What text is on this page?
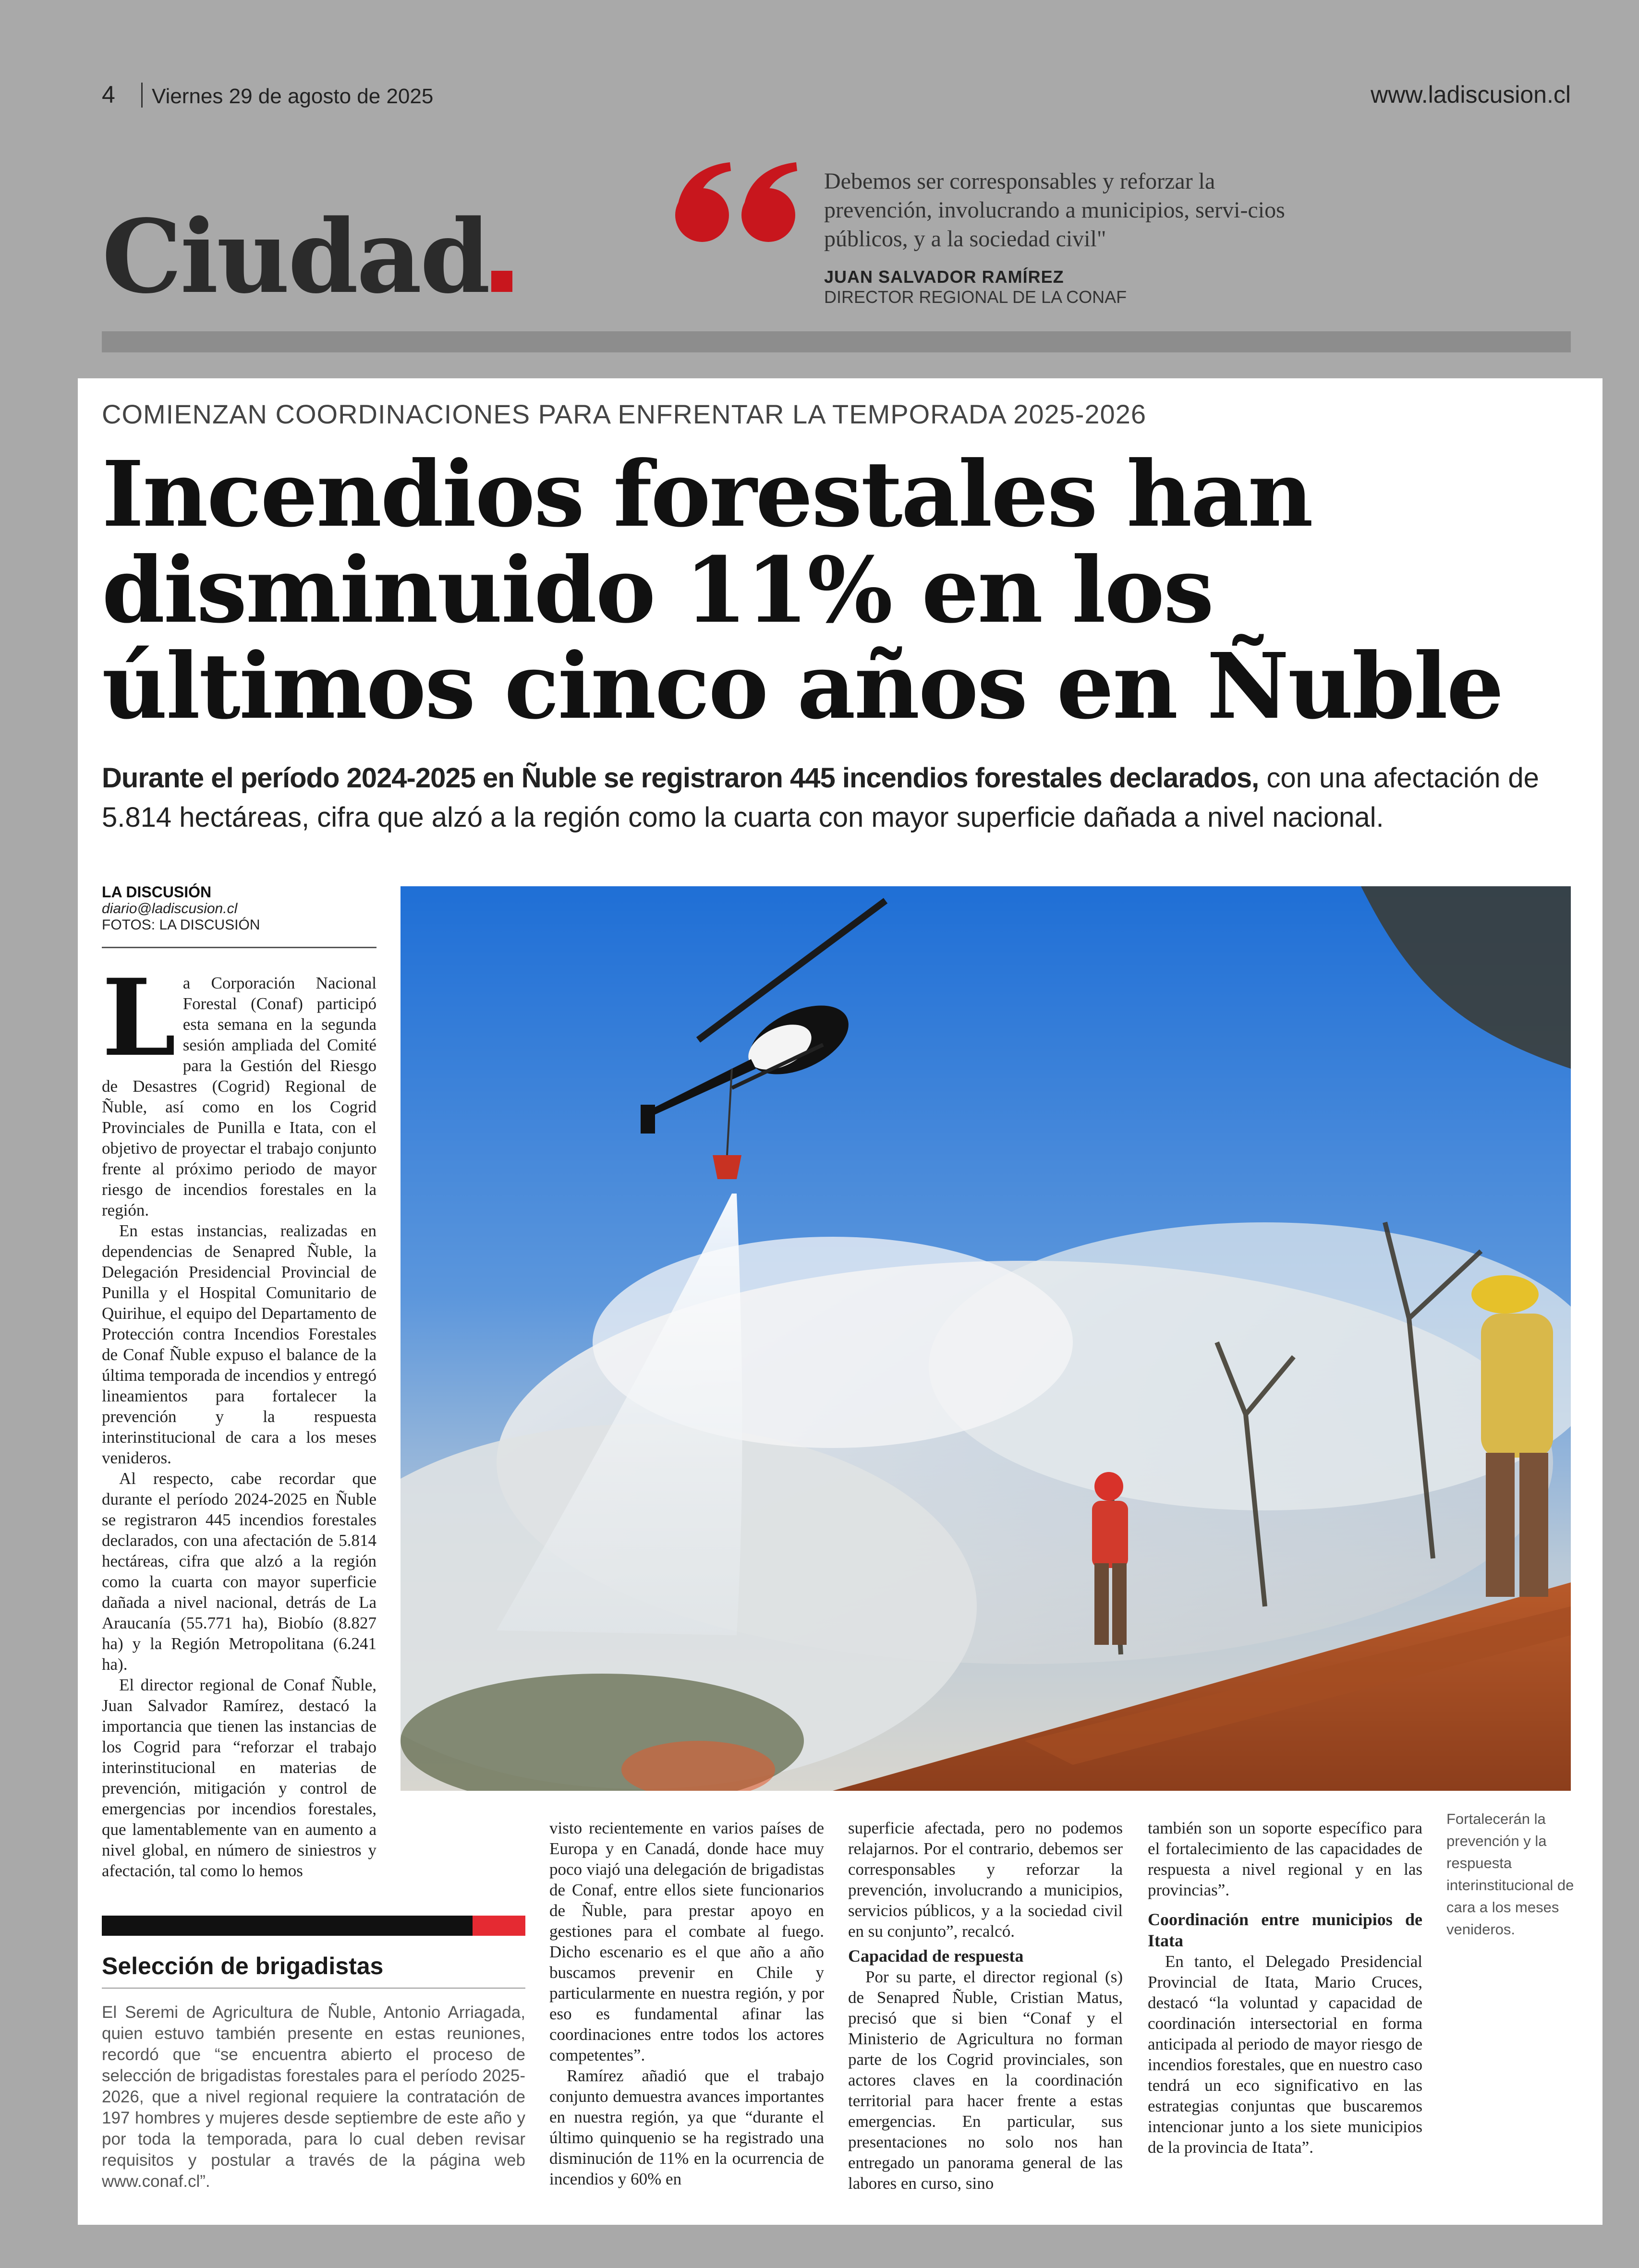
4 Viernes 29 de agosto de 2025	www.ladiscusion.cl
Ciudad
Debemos ser corresponsables y reforzar la prevención, involucrando a municipios, servi-cios públicos, y a la sociedad civil"
JUAN SALVADOR RAMÍREZ
DIRECTOR REGIONAL DE LA CONAF
COMIENZAN COORDINACIONES PARA ENFRENTAR LA TEMPORADA 2025-2026
Incendios forestales han
disminuido 11% en los
últimos cinco años en Ñuble
Durante el período 2024-2025 en Ñuble se registraron 445 incendios forestales declarados, con una afectación de 5.814 hectáreas, cifra que alzó a la región como la cuarta con mayor superficie dañada a nivel nacional.
LA DISCUSIÓN
diario@ladiscusion.cl
FOTOS: LA DISCUSIÓN
L a Corporación Nacional Forestal (Conaf) participó esta semana en la segunda sesión ampliada del Comité para la Gestión del Riesgo de Desastres (Cogrid) Regional de Ñuble, así como en los Cogrid Provinciales de Punilla e Itata, con el objetivo de proyectar el trabajo conjunto frente al próximo periodo de mayor riesgo de incendios forestales en la región.

En estas instancias, realizadas en dependencias de Senapred Ñuble, la Delegación Presidencial Provincial de Punilla y el Hospital Comunitario de Quirihue, el equipo del Departamento de Protección contra Incendios Forestales de Conaf Ñuble expuso el balance de la última temporada de incendios y entregó lineamientos para fortalecer la prevención y la respuesta interinstitucional de cara a los meses venideros.

Al respecto, cabe recordar que durante el período 2024-2025 en Ñuble se registraron 445 incendios forestales declarados, con una afectación de 5.814 hectáreas, cifra que alzó a la región como la cuarta con mayor superficie dañada a nivel nacional, detrás de La Araucanía (55.771 ha), Biobío (8.827 ha) y la Región Metropolitana (6.241 ha).

El director regional de Conaf Ñuble, Juan Salvador Ramírez, destacó la importancia que tienen las instancias de los Cogrid para “reforzar el trabajo interinstitucional en materias de prevención, mitigación y control de emergencias por incendios forestales, que lamentablemente van en aumento a nivel global, en número de siniestros y afectación, tal como lo hemos

Fortalecerán la prevención y la respuesta interinstitucional de cara a los meses venideros.
Selección de brigadistas
El Seremi de Agricultura de Ñuble, Antonio Arriagada, quien estuvo también presente en estas reuniones, recordó que “se encuentra abierto el proceso de selección de brigadistas forestales para el período 2025-2026, que a nivel regional requiere la contratación de 197 hombres y mujeres desde septiembre de este año y por toda la temporada, para lo cual deben revisar requisitos y postular a través de la página web www.conaf.cl”.

visto recientemente en varios países de Europa y en Canadá, donde hace muy poco viajó una delegación de brigadistas de Conaf, entre ellos siete funcionarios de Ñuble, para prestar apoyo en gestiones para el combate al fuego. Dicho escenario es el que año a año buscamos prevenir en Chile y particularmente en nuestra región, y por eso es fundamental afinar las coordinaciones entre todos los actores competentes”.

Ramírez añadió que el trabajo conjunto demuestra avances importantes en nuestra región, ya que “durante el último quinquenio se ha registrado una disminución de 11% en la ocurrencia de incendios y 60% en

superficie afectada, pero no podemos relajarnos. Por el contrario, debemos ser corresponsables y reforzar la prevención, involucrando a municipios, servicios públicos, y a la sociedad civil en su conjunto”, recalcó.

Capacidad de respuesta

Por su parte, el director regional (s) de Senapred Ñuble, Cristian Matus, precisó que si bien “Conaf y el Ministerio de Agricultura no forman parte de los Cogrid provinciales, son actores claves en la coordinación territorial para hacer frente a estas emergencias. En particular, sus presentaciones no solo nos han entregado un panorama general de las labores en curso, sino

también son un soporte específico para el fortalecimiento de las capacidades de respuesta a nivel regional y en las provincias”.

Coordinación entre municipios de Itata

En tanto, el Delegado Presidencial Provincial de Itata, Mario Cruces, destacó “la voluntad y capacidad de coordinación intersectorial en forma anticipada al periodo de mayor riesgo de incendios forestales, que en nuestro caso tendrá un eco significativo en las estrategias conjuntas que buscaremos intencionar junto a los siete municipios de la provincia de Itata”.
